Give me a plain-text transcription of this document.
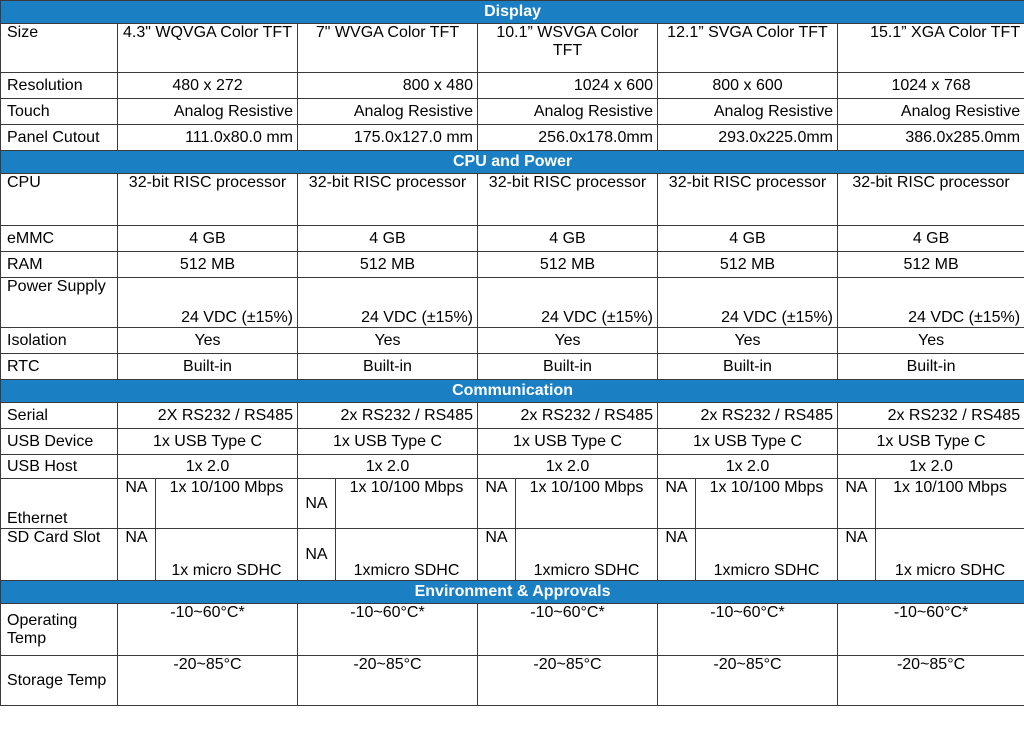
Display										
Size	4.3" WQVGA Color TFT		7" WVGA Color TFT		10.1” WSVGA Color TFT		12.1” SVGA Color TFT		15.1” XGA Color TFT	
Resolution	480 x 272		800 x 480		1024 x 600		800 x 600		1024 x 768	
Touch	Analog Resistive		Analog Resistive		Analog Resistive		Analog Resistive		Analog Resistive	
Panel Cutout	111.0x80.0 mm		175.0x127.0 mm		256.0x178.0mm		293.0x225.0mm		386.0x285.0mm	
CPU and Power										
CPU	32-bit RISC processor		32-bit RISC processor		32-bit RISC processor		32-bit RISC processor		32-bit RISC processor	
eMMC	4 GB		4 GB		4 GB		4 GB		4 GB	
RAM	512 MB		512 MB		512 MB		512 MB		512 MB	
Power Supply	24 VDC (±15%)		24 VDC (±15%)		24 VDC (±15%)		24 VDC (±15%)		24 VDC (±15%)	
Isolation	Yes		Yes		Yes		Yes		Yes	
RTC	Built-in		Built-in		Built-in		Built-in		Built-in	
Communication										
Serial	2X RS232 / RS485		2x RS232 / RS485		2x RS232 / RS485		2x RS232 / RS485		2x RS232 / RS485	
USB Device	1x USB Type C		1x USB Type C		1x USB Type C		1x USB Type C		1x USB Type C	
USB Host	1x 2.0		1x 2.0		1x 2.0		1x 2.0		1x 2.0	
Ethernet	NA	1x 10/100 Mbps	NA	1x 10/100 Mbps	NA	1x 10/100 Mbps	NA	1x 10/100 Mbps	NA	1x 10/100 Mbps
SD Card Slot	NA	1x micro SDHC	NA	1xmicro SDHC	NA	1xmicro SDHC	NA	1xmicro SDHC	NA	1x micro SDHC
Environment & Approvals										
Operating Temp	-10~60°C*		-10~60°C*		-10~60°C*		-10~60°C*		-10~60°C*	
Storage Temp	-20~85°C		-20~85°C		-20~85°C		-20~85°C		-20~85°C	
